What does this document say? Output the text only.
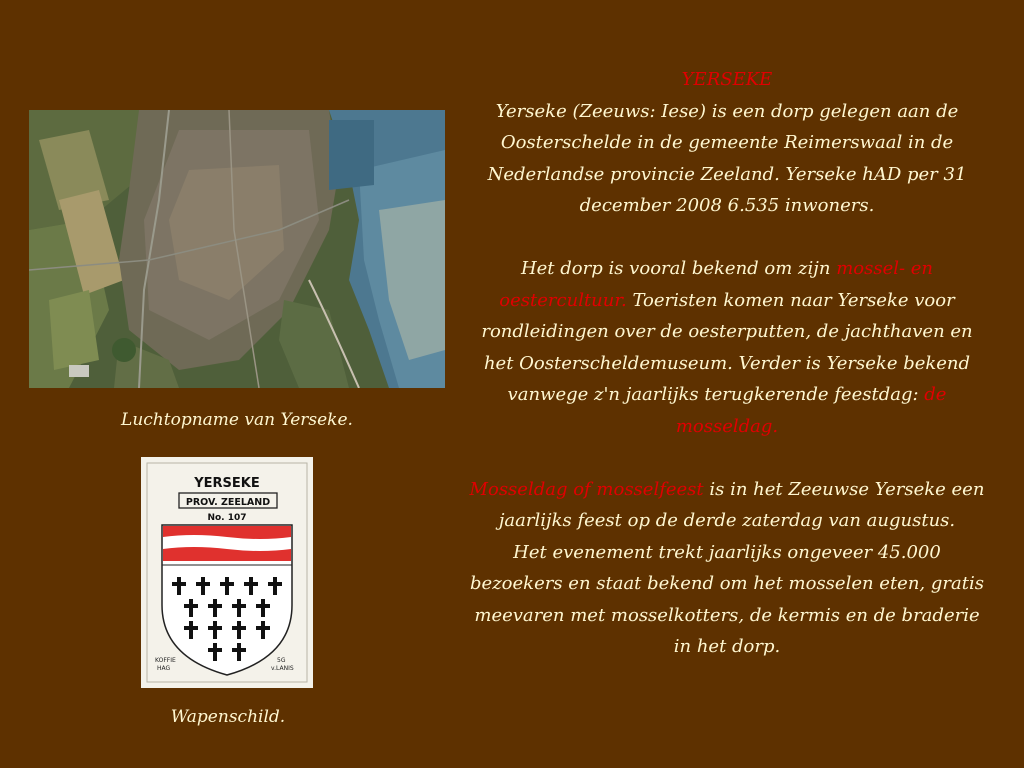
Luchtopname van Yerseke.
YERSEKE
PROV. ZEELAND
No. 107
KOFFIE
HAG
5G
v.LANIS
Wapenschild.

YERSEKE

Yerseke (Zeeuws: Iese) is een dorp gelegen aan de Oosterschelde in de gemeente Reimerswaal in de Nederlandse provincie Zeeland. Yerseke hAD per 31 december 2008 6.535 inwoners.

Het dorp is vooral bekend om zijn mossel- en oestercultuur. Toeristen komen naar Yerseke voor rondleidingen over de oesterputten, de jachthaven en het Oosterscheldemuseum. Verder is Yerseke bekend vanwege z'n jaarlijks terugkerende feestdag: de mosseldag.

Mosseldag of mosselfeest is in het Zeeuwse Yerseke een jaarlijks feest op de derde zaterdag van augustus.

Het evenement trekt jaarlijks ongeveer 45.000 bezoekers en staat bekend om het mosselen eten, gratis meevaren met mosselkotters, de kermis en de braderie in het dorp.
